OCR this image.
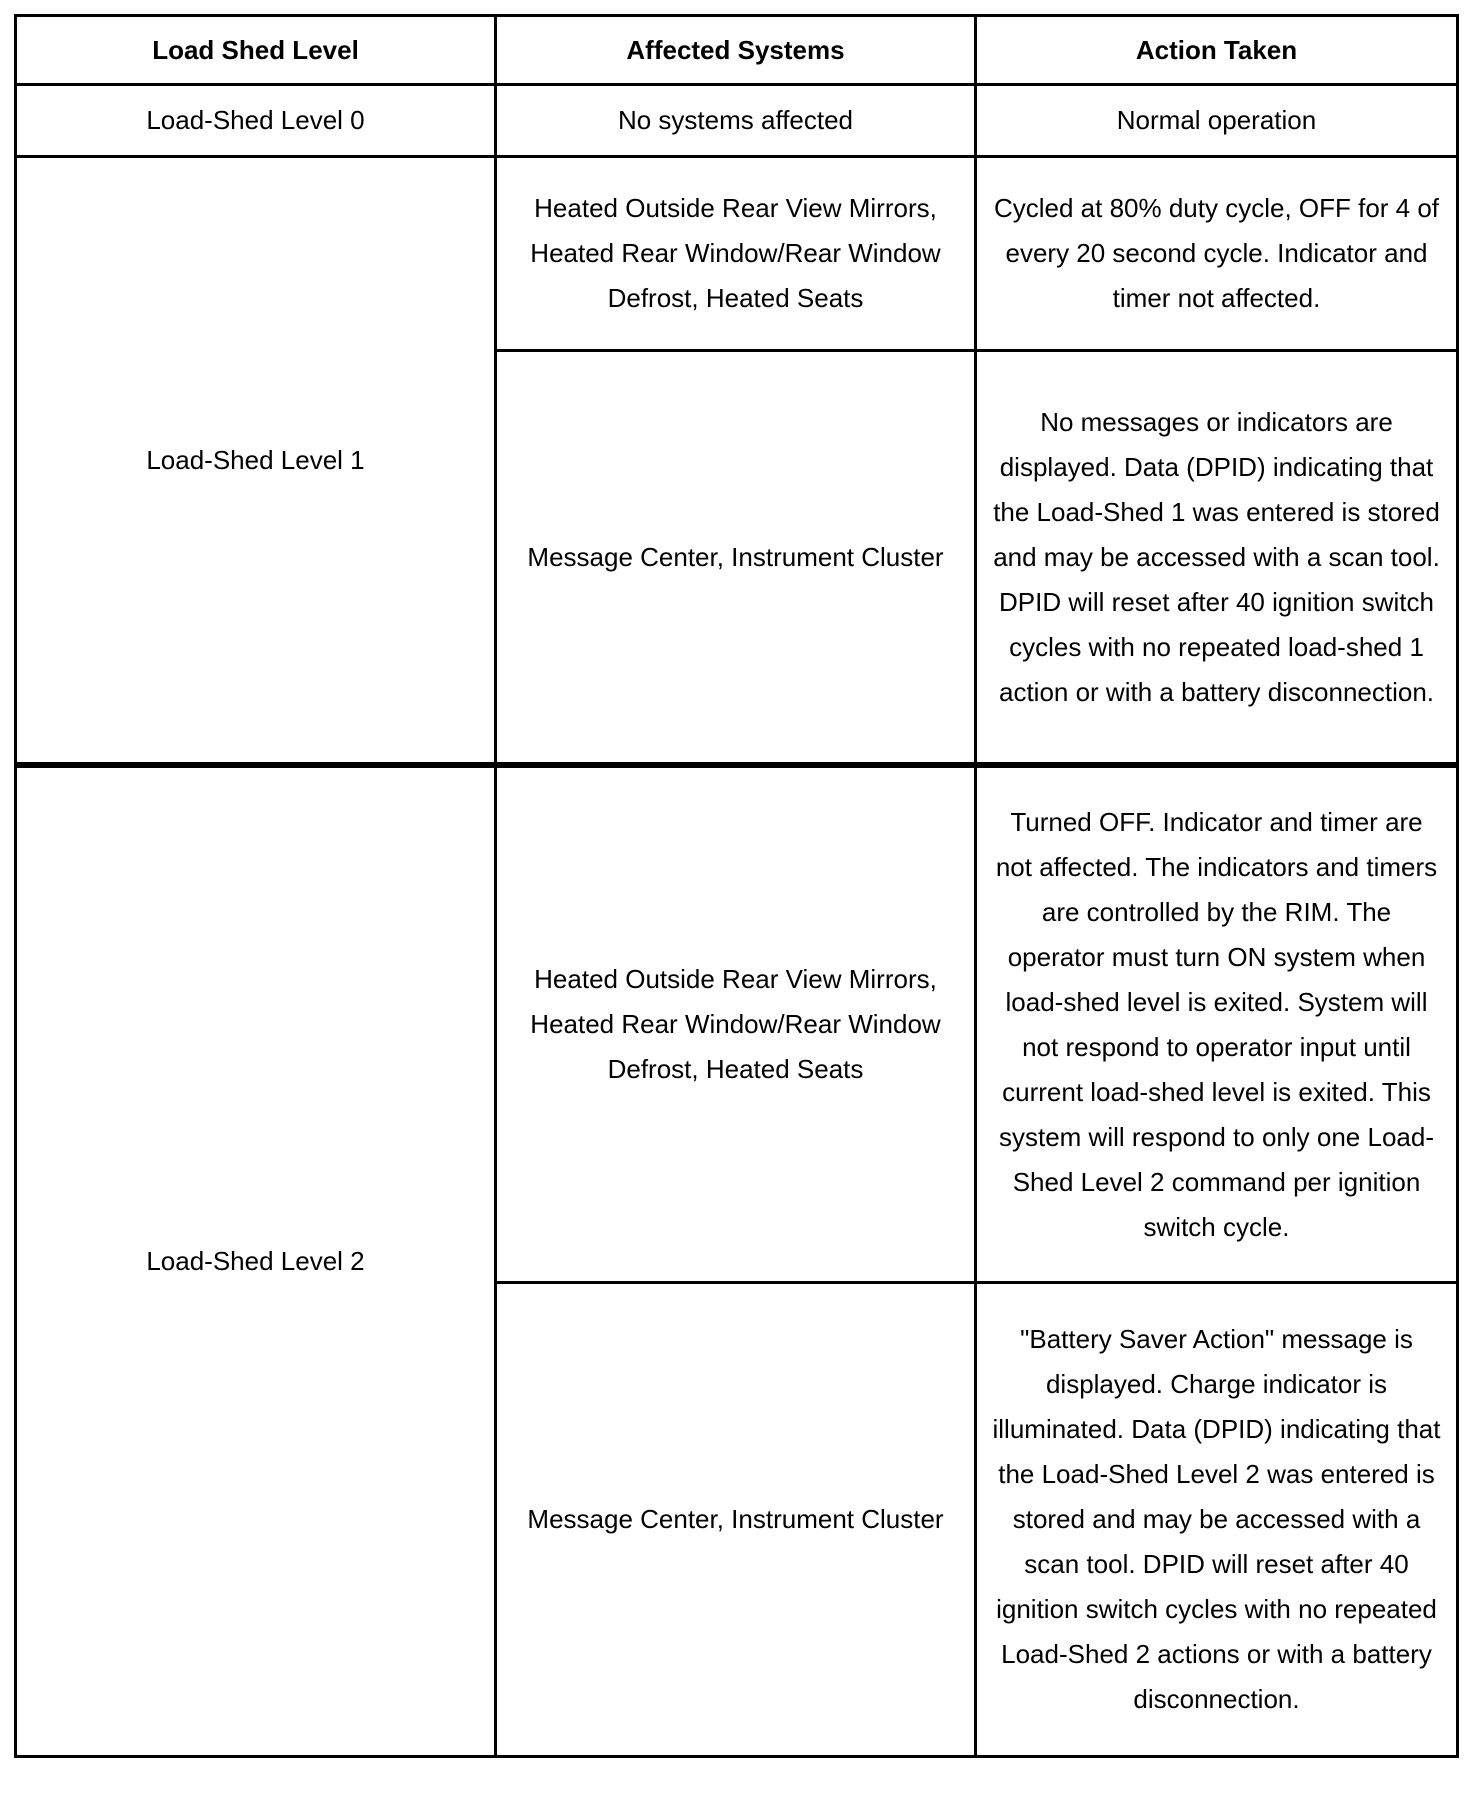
Load Shed Level	Affected Systems	Action Taken
Load-Shed Level 0	No systems affected	Normal operation
Load-Shed Level 1	Heated Outside Rear View Mirrors, Heated Rear Window/Rear Window Defrost, Heated Seats	Cycled at 80% duty cycle, OFF for 4 of every 20 second cycle. Indicator and timer not affected.
	Message Center, Instrument Cluster	No messages or indicators are displayed. Data (DPID) indicating that the Load-Shed 1 was entered is stored and may be accessed with a scan tool. DPID will reset after 40 ignition switch cycles with no repeated load-shed 1 action or with a battery disconnection.
Load-Shed Level 2	Heated Outside Rear View Mirrors, Heated Rear Window/Rear Window Defrost, Heated Seats	Turned OFF. Indicator and timer are not affected. The indicators and timers are controlled by the RIM. The operator must turn ON system when load-shed level is exited. System will not respond to operator input until current load-shed level is exited. This system will respond to only one Load-Shed Level 2 command per ignition switch cycle.
	Message Center, Instrument Cluster	"Battery Saver Action" message is displayed. Charge indicator is illuminated. Data (DPID) indicating that the Load-Shed Level 2 was entered is stored and may be accessed with a scan tool. DPID will reset after 40 ignition switch cycles with no repeated Load-Shed 2 actions or with a battery disconnection.
